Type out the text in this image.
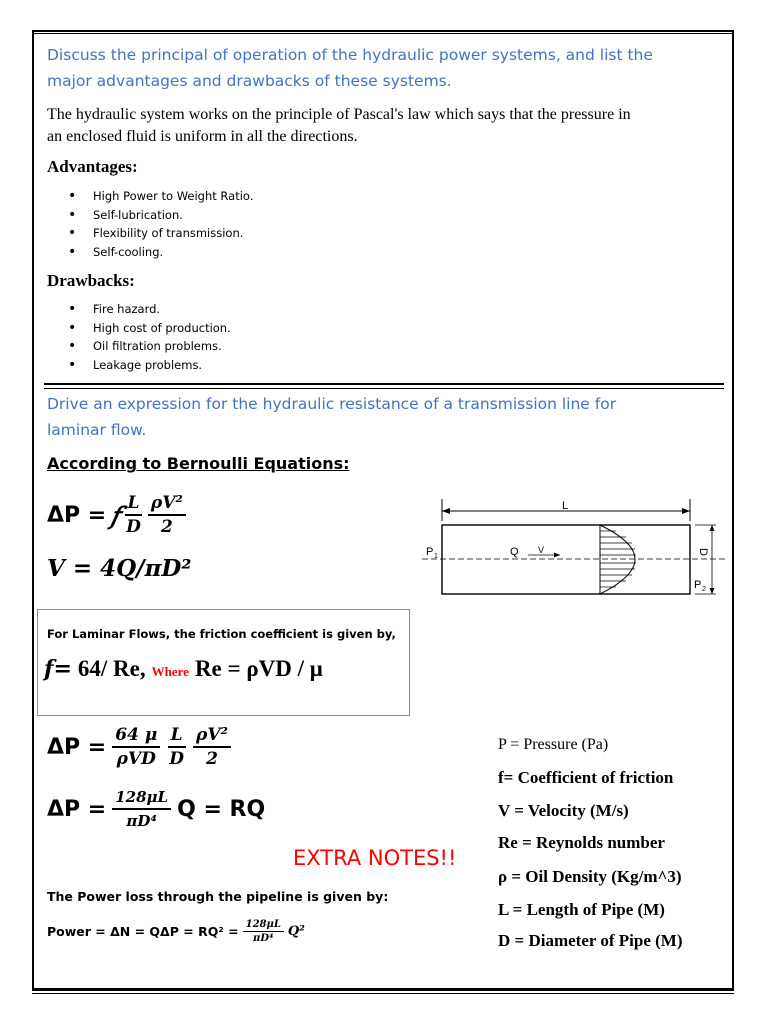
Discuss the principal of operation of the hydraulic power systems, and list the
major advantages and drawbacks of these systems.
The hydraulic system works on the principle of Pascal's law which says that the pressure in
an enclosed fluid is uniform in all the directions.
Advantages:
• High Power to Weight Ratio.
• Self-lubrication.
• Flexibility of transmission.
• Self-cooling.
Drawbacks:
• Fire hazard.
• High cost of production.
• Oil filtration problems.
• Leakage problems.
Drive an expression for the hydraulic resistance of a transmission line for
laminar flow.
According to Bernoulli Equations:
ΔP = 𝑓 $\frac{L}{D} \frac{\text{ρV²}}{2}$
V = 4Q/πD²
L
P 1	Q V	D
P 2
For Laminar Flows, the friction coefficient is given by,
f= 64/ Re, Where Re = ρVD / μ
$\Delta P = \frac{64 \mu}{\text{ρVD}} \frac{L}{D} \frac{\text{ρV²}}{2}$
$\Delta P = \frac{128\mu L}{\text{πD⁴}}$ Q = RQ
EXTRA NOTES!!
The Power loss through the pipeline is given by:
Power = $\Delta N = Q\Delta P = RQ^2 = \frac{128\mu L}{\text{πD⁴}} Q^2$
P = Pressure (Pa)
f= Coefficient of friction
V = Velocity (M/s)
Re = Reynolds number
ρ = Oil Density (Kg/m^3)
L = Length of Pipe (M)
D = Diameter of Pipe (M)
